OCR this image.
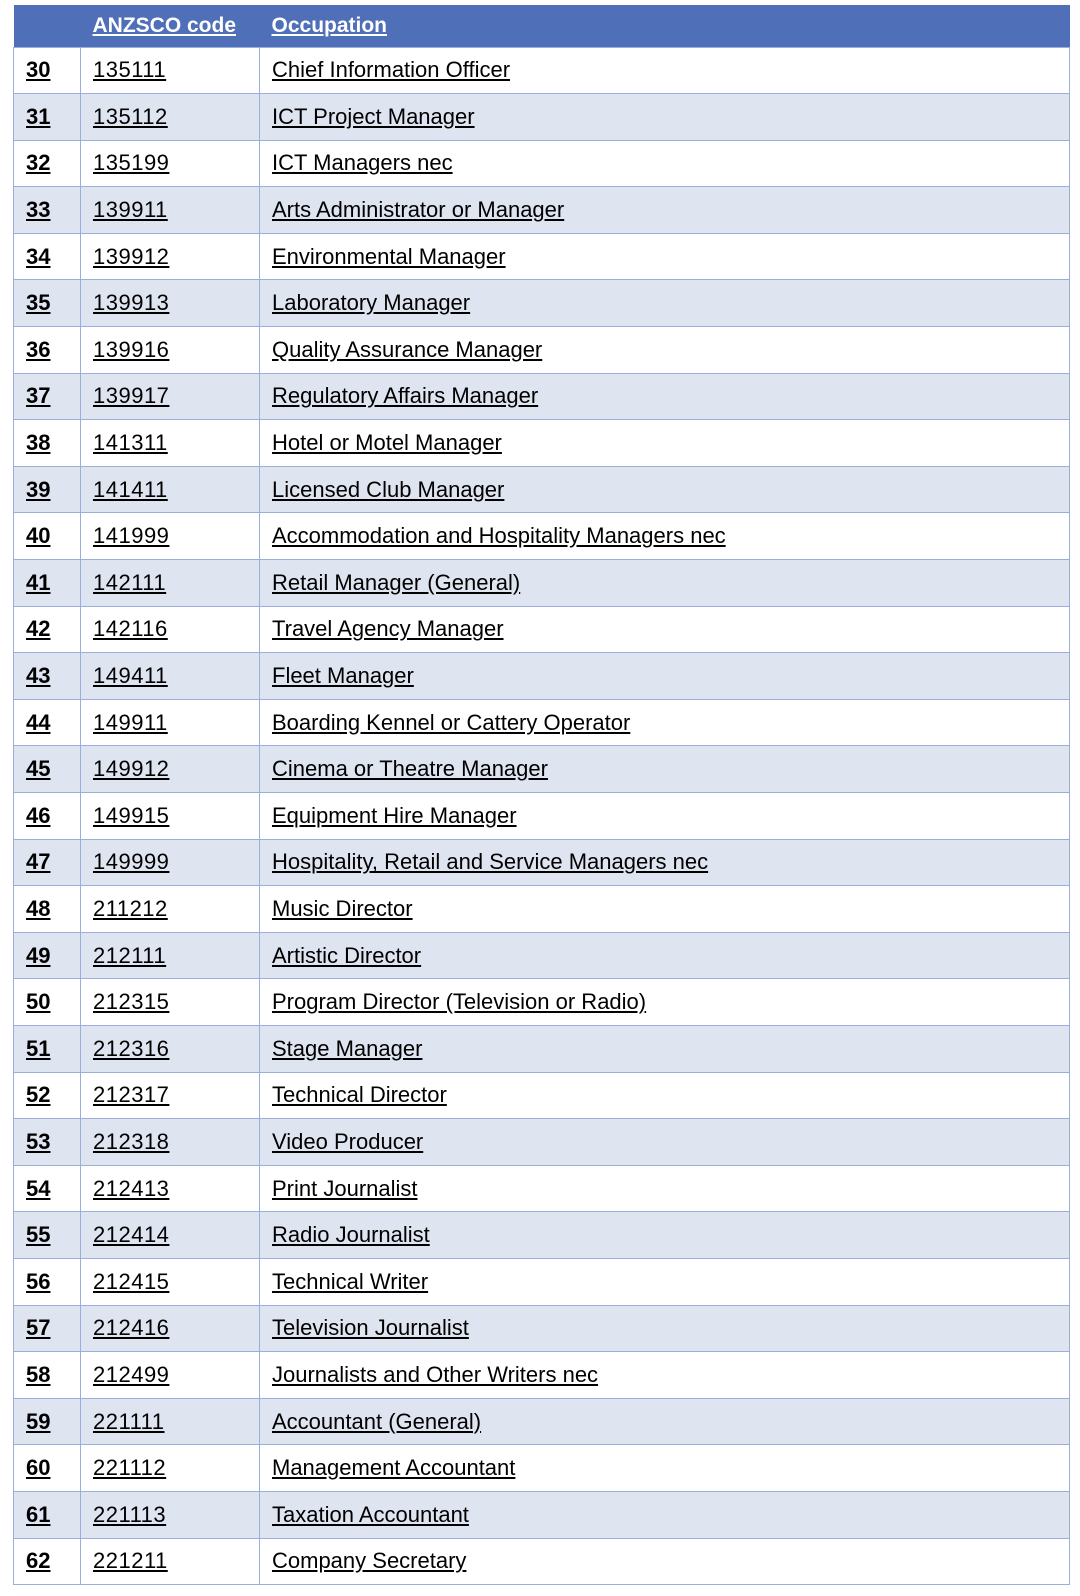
	ANZSCO code	Occupation
30	135111	Chief Information Officer
31	135112	ICT Project Manager
32	135199	ICT Managers nec
33	139911	Arts Administrator or Manager
34	139912	Environmental Manager
35	139913	Laboratory Manager
36	139916	Quality Assurance Manager
37	139917	Regulatory Affairs Manager
38	141311	Hotel or Motel Manager
39	141411	Licensed Club Manager
40	141999	Accommodation and Hospitality Managers nec
41	142111	Retail Manager (General)
42	142116	Travel Agency Manager
43	149411	Fleet Manager
44	149911	Boarding Kennel or Cattery Operator
45	149912	Cinema or Theatre Manager
46	149915	Equipment Hire Manager
47	149999	Hospitality, Retail and Service Managers nec
48	211212	Music Director
49	212111	Artistic Director
50	212315	Program Director (Television or Radio)
51	212316	Stage Manager
52	212317	Technical Director
53	212318	Video Producer
54	212413	Print Journalist
55	212414	Radio Journalist
56	212415	Technical Writer
57	212416	Television Journalist
58	212499	Journalists and Other Writers nec
59	221111	Accountant (General)
60	221112	Management Accountant
61	221113	Taxation Accountant
62	221211	Company Secretary
